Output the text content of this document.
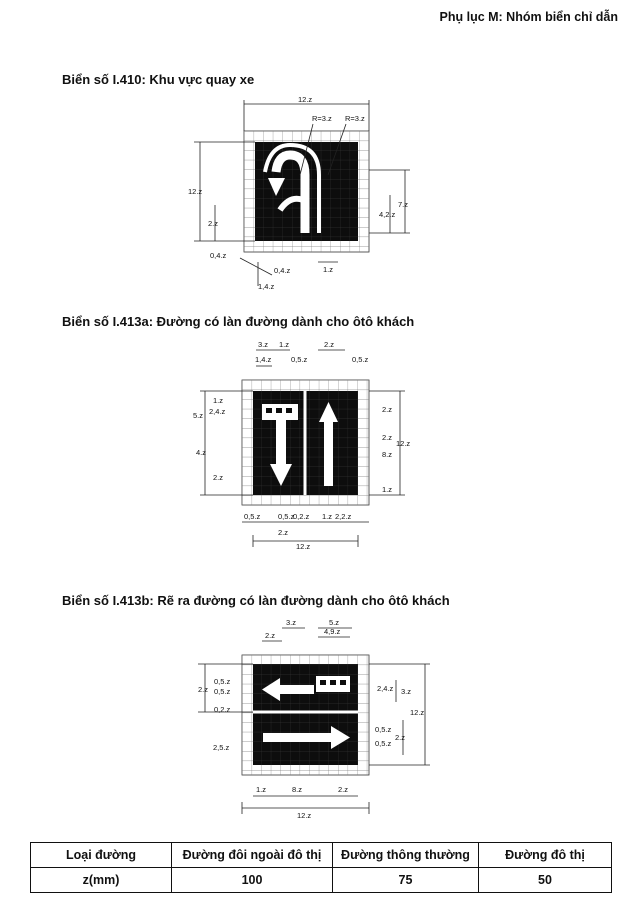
Phụ lục M: Nhóm biển chỉ dẫn
Biển số I.410: Khu vực quay xe
12.z
R=3.z R=3.z
12.z
7.z
4,2.z
2.z
0,4.z
0,4.z
1,4.z
1.z
Biển số I.413a: Đường có làn đường dành cho ôtô khách
3.z 1.z	2.z
1,4.z	0,5.z	0,5.z
1.z
2.z
5.z 2,4.z
4.z
2.z
2.z
8.z
12.z
1.z
0,5.z 0,5.z
0,2.z 1.z 2,2.z
2.z
12.z
Biển số I.413b: Rẽ ra đường có làn đường dành cho ôtô khách
2.z
3.z	5.z
4,9.z
2.z
0,5.z
0,5.z
0,2.z
2,4.z 3.z
12.z
0,5.z
0,5.z
2.z
2,5.z
1.z	8.z	2.z
12.z
Loại đường	Đường đôi ngoài đô thị	Đường thông thường	Đường đô thị
z(mm)	100	75	50
